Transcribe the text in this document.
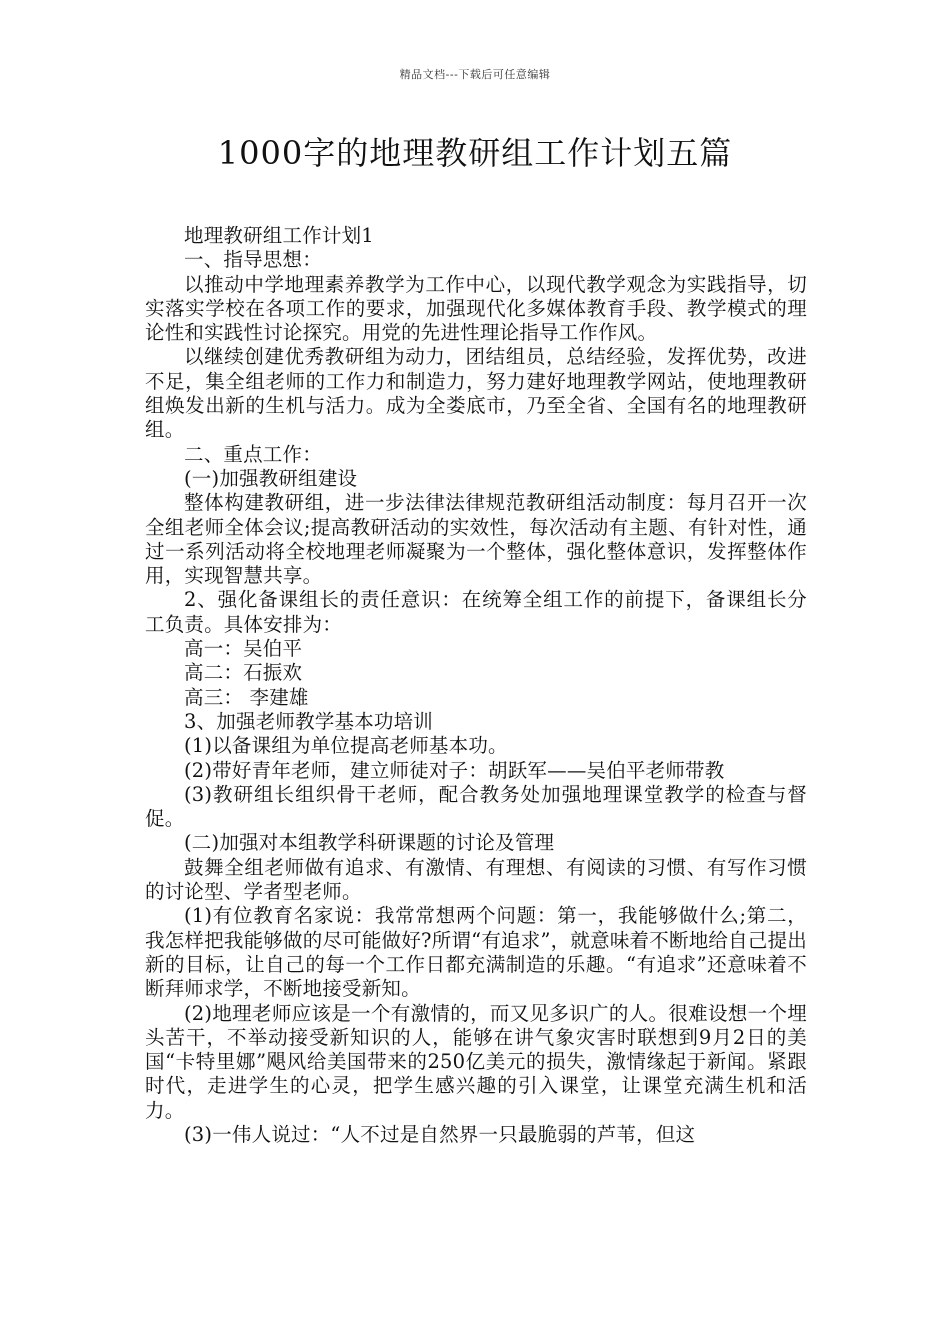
精品文档---下载后可任意编辑
1000字的地理教研组工作计划五篇

地理教研组工作计划1

一、指导思想：

以推动中学地理素养教学为工作中心，以现代教学观念为实践指导，切实落实学校在各项工作的要求，加强现代化多媒体教育手段、教学模式的理论性和实践性讨论探究。用党的先进性理论指导工作作风。

以继续创建优秀教研组为动力，团结组员，总结经验，发挥优势，改进不足，集全组老师的工作力和制造力，努力建好地理教学网站，使地理教研组焕发出新的生机与活力。成为全娄底市，乃至全省、全国有名的地理教研组。

二、重点工作：

(一)加强教研组建设

整体构建教研组，进一步法律法律规范教研组活动制度：每月召开一次全组老师全体会议;提高教研活动的实效性，每次活动有主题、有针对性，通过一系列活动将全校地理老师凝聚为一个整体，强化整体意识，发挥整体作用，实现智慧共享。

2、强化备课组长的责任意识：在统筹全组工作的前提下，备课组长分工负责。具体安排为：

高一：吴伯平

高二：石振欢

高三： 李建雄

3、加强老师教学基本功培训

(1)以备课组为单位提高老师基本功。

(2)带好青年老师，建立师徒对子：胡跃军——吴伯平老师带教

(3)教研组长组织骨干老师，配合教务处加强地理课堂教学的检查与督促。

(二)加强对本组教学科研课题的讨论及管理

鼓舞全组老师做有追求、有激情、有理想、有阅读的习惯、有写作习惯的讨论型、学者型老师。

(1)有位教育名家说：我常常想两个问题：第一，我能够做什么;第二，我怎样把我能够做的尽可能做好?所谓“有追求”，就意味着不断地给自己提出新的目标，让自己的每一个工作日都充满制造的乐趣。“有追求”还意味着不断拜师求学，不断地接受新知。

(2)地理老师应该是一个有激情的，而又见多识广的人。很难设想一个埋头苦干，不举动接受新知识的人，能够在讲气象灾害时联想到9月2日的美国“卡特里娜”飓风给美国带来的250亿美元的损失，激情缘起于新闻。紧跟时代，走进学生的心灵，把学生感兴趣的引入课堂，让课堂充满生机和活力。

(3)一伟人说过：“人不过是自然界一只最脆弱的芦苇，但这
